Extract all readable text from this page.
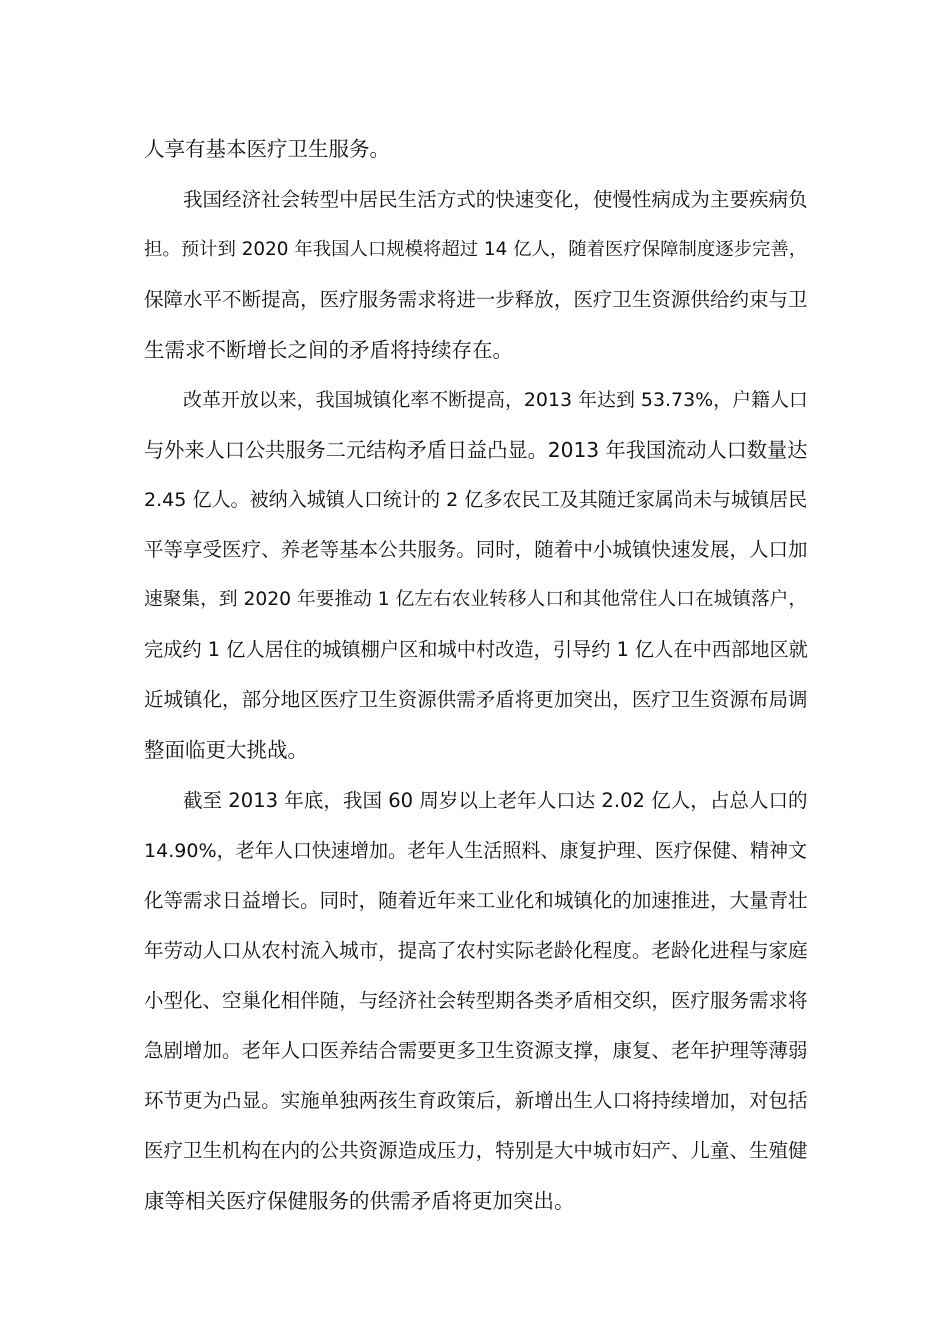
人享有基本医疗卫生服务。
我国经济社会转型中居民生活方式的快速变化，使慢性病成为主要疾病负
担。预计到 2020 年我国人口规模将超过 14 亿人，随着医疗保障制度逐步完善，
保障水平不断提高，医疗服务需求将进一步释放，医疗卫生资源供给约束与卫
生需求不断增长之间的矛盾将持续存在。
改革开放以来，我国城镇化率不断提高，2013 年达到 53.73%，户籍人口
与外来人口公共服务二元结构矛盾日益凸显。2013 年我国流动人口数量达
2.45 亿人。被纳入城镇人口统计的 2 亿多农民工及其随迁家属尚未与城镇居民
平等享受医疗、养老等基本公共服务。同时，随着中小城镇快速发展，人口加
速聚集，到 2020 年要推动 1 亿左右农业转移人口和其他常住人口在城镇落户，
完成约 1 亿人居住的城镇棚户区和城中村改造，引导约 1 亿人在中西部地区就
近城镇化，部分地区医疗卫生资源供需矛盾将更加突出，医疗卫生资源布局调
整面临更大挑战。
截至 2013 年底，我国 60 周岁以上老年人口达 2.02 亿人，占总人口的
14.90%，老年人口快速增加。老年人生活照料、康复护理、医疗保健、精神文
化等需求日益增长。同时，随着近年来工业化和城镇化的加速推进，大量青壮
年劳动人口从农村流入城市，提高了农村实际老龄化程度。老龄化进程与家庭
小型化、空巢化相伴随，与经济社会转型期各类矛盾相交织，医疗服务需求将
急剧增加。老年人口医养结合需要更多卫生资源支撑，康复、老年护理等薄弱
环节更为凸显。实施单独两孩生育政策后，新增出生人口将持续增加，对包括
医疗卫生机构在内的公共资源造成压力，特别是大中城市妇产、儿童、生殖健
康等相关医疗保健服务的供需矛盾将更加突出。
